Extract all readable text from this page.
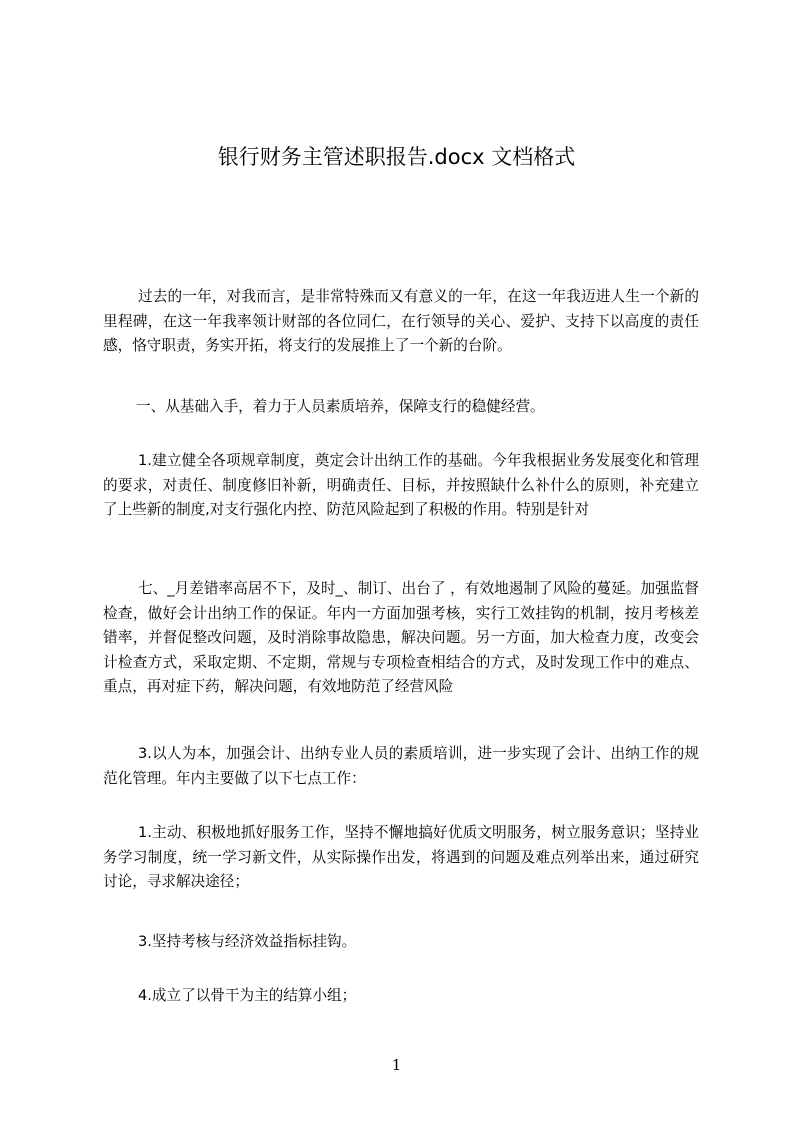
银行财务主管述职报告.docx 文档格式

过去的一年，对我而言，是非常特殊而又有意义的一年，在这一年我迈进人生一个新的里程碑，在这一年我率领计财部的各位同仁，在行领导的关心、爱护、支持下以高度的责任感，恪守职责，务实开拓，将支行的发展推上了一个新的台阶。

一、从基础入手，着力于人员素质培养，保障支行的稳健经营。

1.建立健全各项规章制度，奠定会计出纳工作的基础。今年我根据业务发展变化和管理的要求，对责任、制度修旧补新，明确责任、目标，并按照缺什么补什么的原则，补充建立了上些新的制度,对支行强化内控、防范风险起到了积极的作用。特别是针对

七、_月差错率高居不下，及时_、制订、出台了 ，有效地遏制了风险的蔓延。加强监督检查，做好会计出纳工作的保证。年内一方面加强考核，实行工效挂钩的机制，按月考核差错率，并督促整改问题，及时消除事故隐患，解决问题。另一方面，加大检查力度，改变会计检查方式，采取定期、不定期，常规与专项检查相结合的方式，及时发现工作中的难点、重点，再对症下药，解决问题，有效地防范了经营风险

3.以人为本，加强会计、出纳专业人员的素质培训，进一步实现了会计、出纳工作的规范化管理。年内主要做了以下七点工作：

1.主动、积极地抓好服务工作，坚持不懈地搞好优质文明服务，树立服务意识；坚持业务学习制度，统一学习新文件，从实际操作出发，将遇到的问题及难点列举出来，通过研究讨论，寻求解决途径；

3.坚持考核与经济效益指标挂钩。

4.成立了以骨干为主的结算小组；

1
